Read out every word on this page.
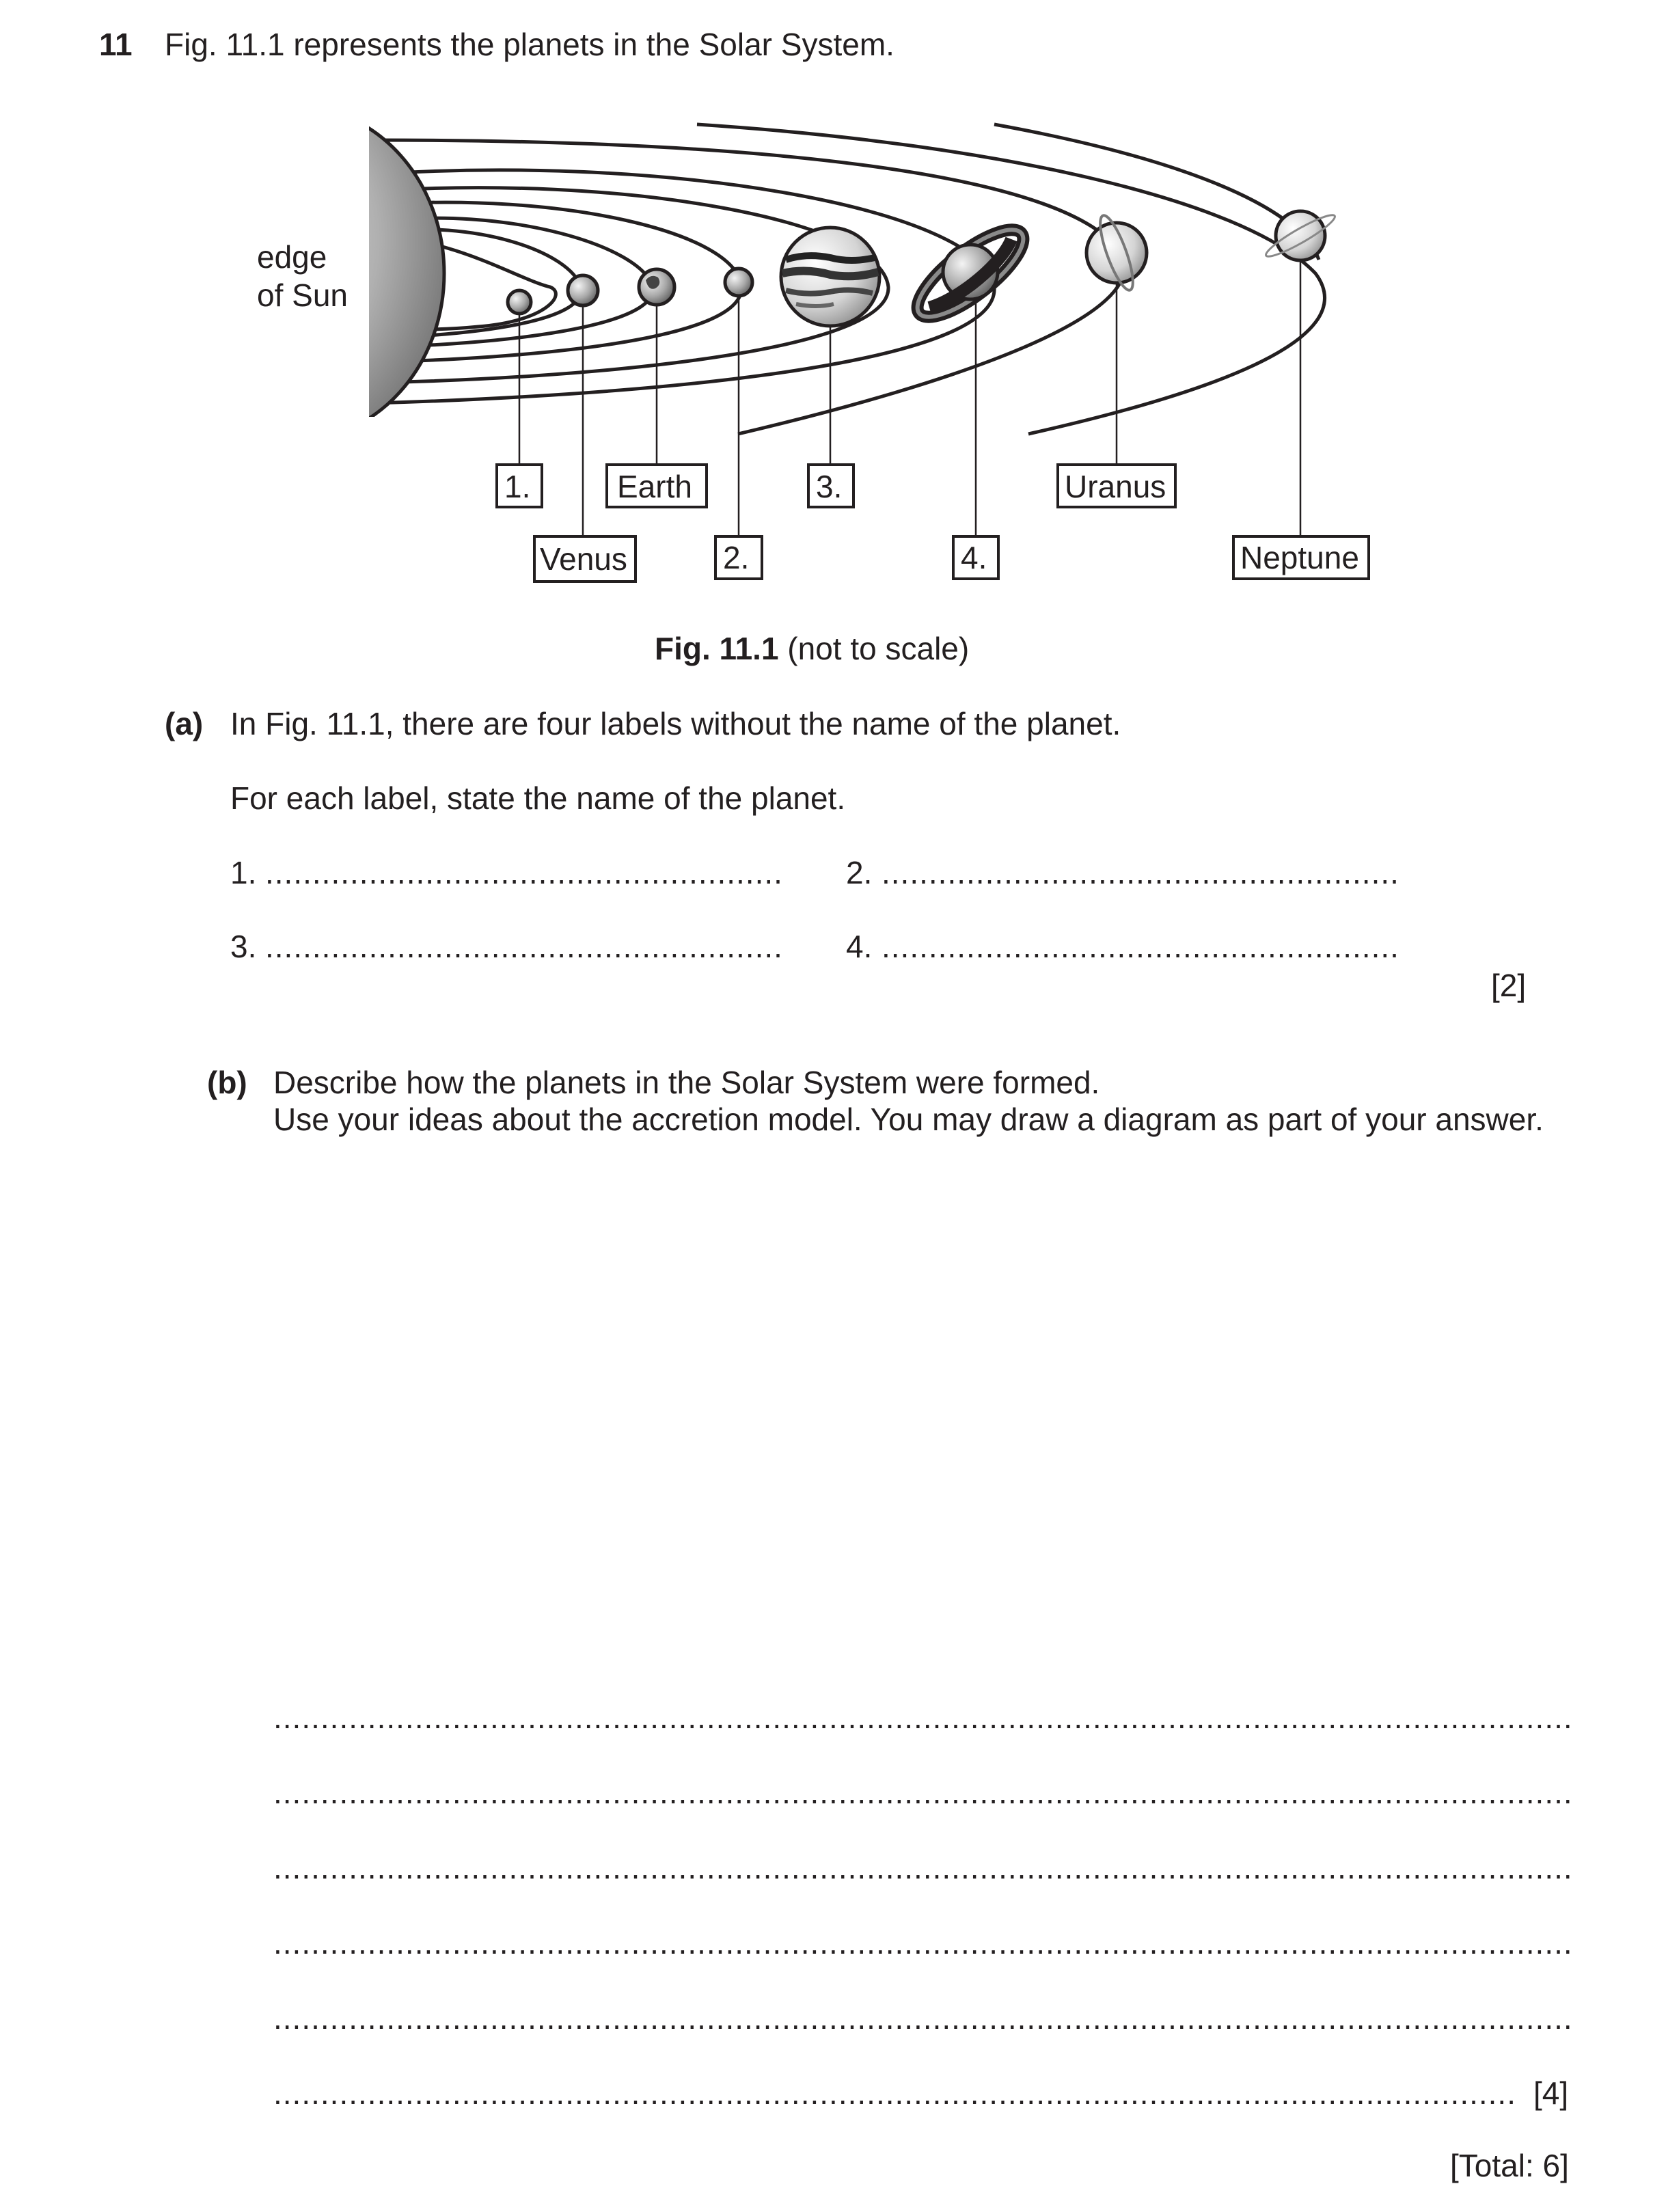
11 Fig. 11.1 represents the planets in the Solar System.
edge
of Sun
1.
Venus
Earth
2.
3.
4.
Uranus
Neptune
Fig. 11.1 (not to scale)
(a) In Fig. 11.1, there are four labels without the name of the planet.
For each label, state the name of the planet.
1. .....	2.
.....
3. .....	4.
.....
[2]
(b) Describe how the planets in the Solar System were formed.
Use your ideas about the accretion model. You may draw a diagram as part of your answer.
.....
.....
.....
.....
.....
.....
[4]
[Total: 6]
